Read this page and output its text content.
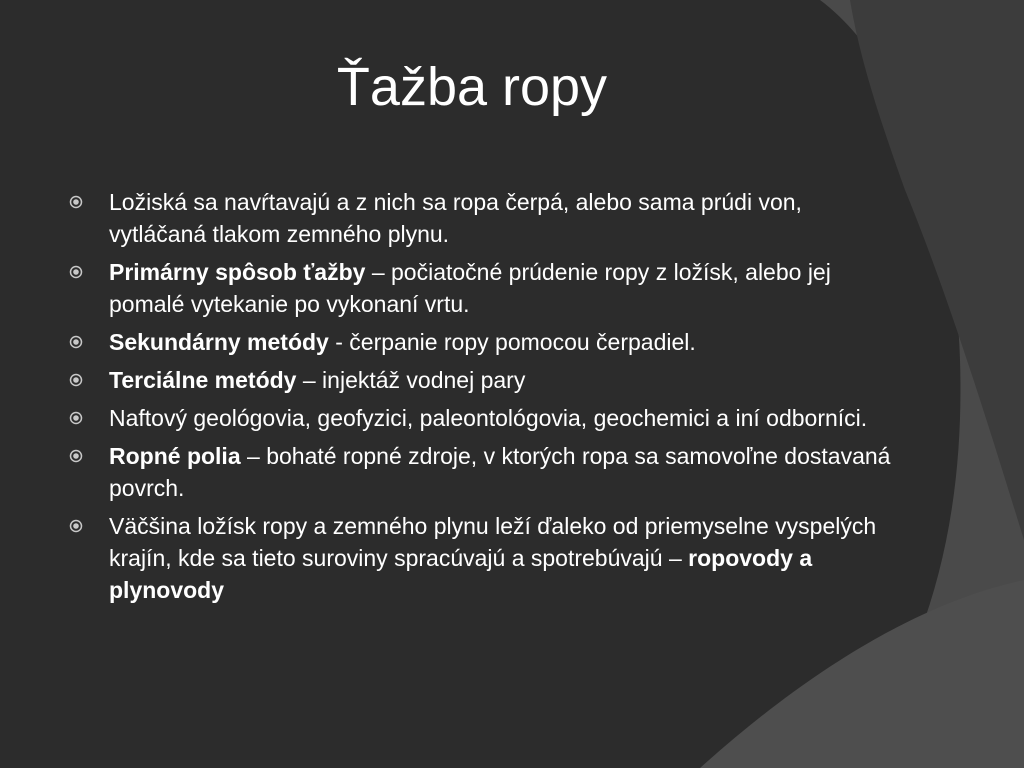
Ťažba ropy
Ložiská sa navŕtavajú a z nich sa ropa čerpá, alebo sama prúdi von, vytláčaná tlakom zemného plynu.
Primárny spôsob ťažby – počiatočné prúdenie ropy z ložísk, alebo jej pomalé vytekanie po vykonaní vrtu.
Sekundárny metódy - čerpanie ropy pomocou čerpadiel.
Terciálne metódy – injektáž vodnej pary
Naftový geológovia, geofyzici, paleontológovia, geochemici a iní odborníci.
Ropné polia – bohaté ropné zdroje, v ktorých ropa sa samovoľne dostavaná povrch.
Väčšina ložísk ropy a zemného plynu leží ďaleko od priemyselne vyspelých krajín, kde sa tieto suroviny spracúvajú a spotrebúvajú – ropovody a plynovody
